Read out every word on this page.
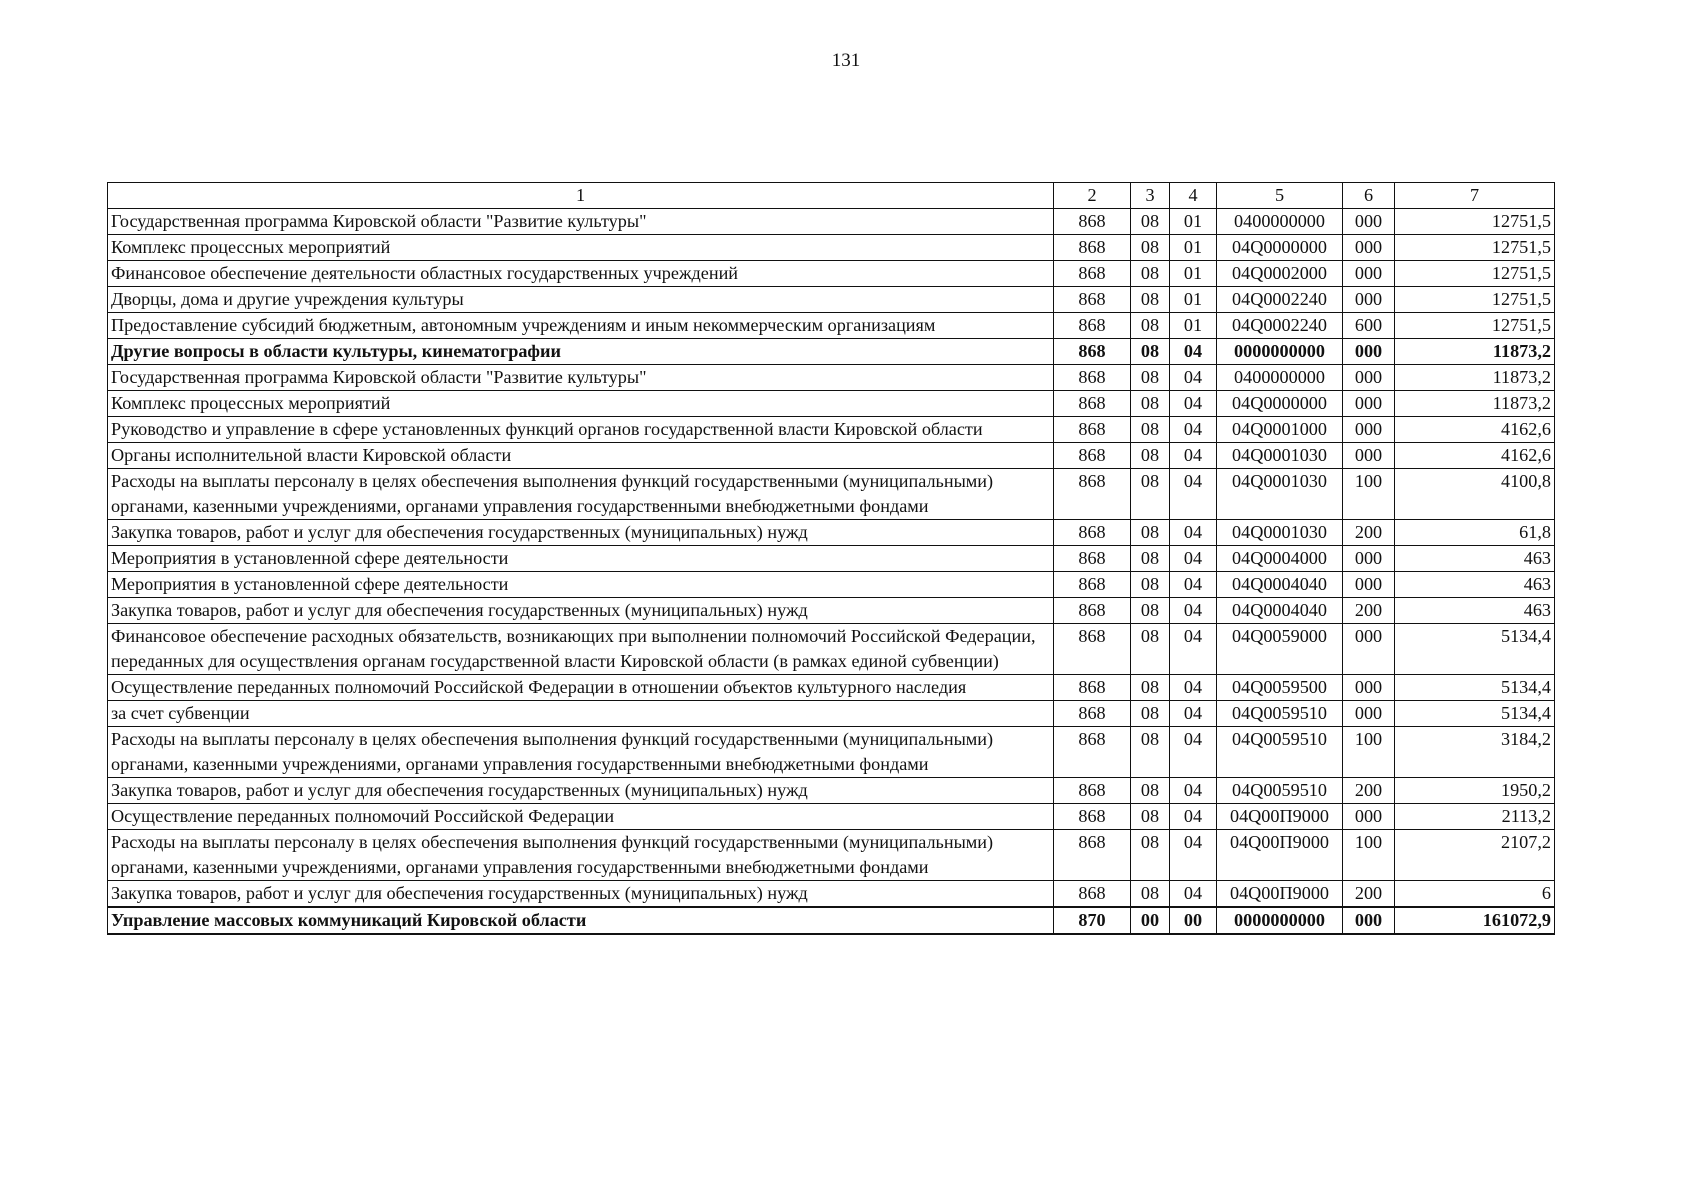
131
1	2	3	4	5	6	7
Государственная программа Кировской области "Развитие культуры"	868	08	01	0400000000	000	12751,5
Комплекс процессных мероприятий	868	08	01	04Q0000000	000	12751,5
Финансовое обеспечение деятельности областных государственных учреждений	868	08	01	04Q0002000	000	12751,5
Дворцы, дома и другие учреждения культуры	868	08	01	04Q0002240	000	12751,5
Предоставление субсидий бюджетным, автономным учреждениям и иным некоммерческим организациям	868	08	01	04Q0002240	600	12751,5
Другие вопросы в области культуры, кинематографии	868	08	04	0000000000	000	11873,2
Государственная программа Кировской области "Развитие культуры"	868	08	04	0400000000	000	11873,2
Комплекс процессных мероприятий	868	08	04	04Q0000000	000	11873,2
Руководство и управление в сфере установленных функций органов государственной власти Кировской области	868	08	04	04Q0001000	000	4162,6
Органы исполнительной власти Кировской области	868	08	04	04Q0001030	000	4162,6
Расходы на выплаты персоналу в целях обеспечения выполнения функций государственными (муниципальными) органами, казенными учреждениями, органами управления государственными внебюджетными фондами	868	08	04	04Q0001030	100	4100,8
Закупка товаров, работ и услуг для обеспечения государственных (муниципальных) нужд	868	08	04	04Q0001030	200	61,8
Мероприятия в установленной сфере деятельности	868	08	04	04Q0004000	000	463
Мероприятия в установленной сфере деятельности	868	08	04	04Q0004040	000	463
Закупка товаров, работ и услуг для обеспечения государственных (муниципальных) нужд	868	08	04	04Q0004040	200	463
Финансовое обеспечение расходных обязательств, возникающих при выполнении полномочий Российской Федерации, переданных для осуществления органам государственной власти Кировской области (в рамках единой субвенции)	868	08	04	04Q0059000	000	5134,4
Осуществление переданных полномочий Российской Федерации в отношении объектов культурного наследия	868	08	04	04Q0059500	000	5134,4
за счет субвенции	868	08	04	04Q0059510	000	5134,4
Расходы на выплаты персоналу в целях обеспечения выполнения функций государственными (муниципальными) органами, казенными учреждениями, органами управления государственными внебюджетными фондами	868	08	04	04Q0059510	100	3184,2
Закупка товаров, работ и услуг для обеспечения государственных (муниципальных) нужд	868	08	04	04Q0059510	200	1950,2
Осуществление переданных полномочий Российской Федерации	868	08	04	04Q00П9000	000	2113,2
Расходы на выплаты персоналу в целях обеспечения выполнения функций государственными (муниципальными) органами, казенными учреждениями, органами управления государственными внебюджетными фондами	868	08	04	04Q00П9000	100	2107,2
Закупка товаров, работ и услуг для обеспечения государственных (муниципальных) нужд	868	08	04	04Q00П9000	200	6
Управление массовых коммуникаций Кировской области	870	00	00	0000000000	000	161072,9
